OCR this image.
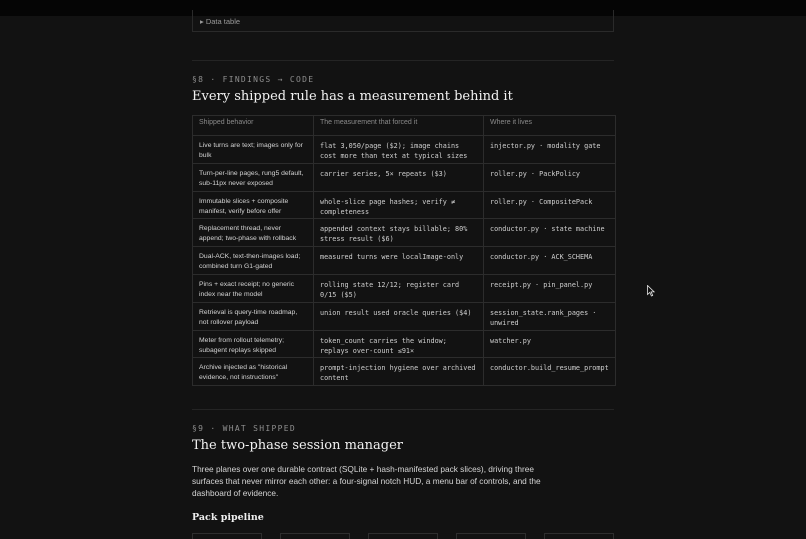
▸ Data table
§8 · FINDINGS → CODE
Every shipped rule has a measurement behind it
Shipped behavior	The measurement that forced it	Where it lives
Live turns are text; images only for bulk	flat 3,050/page ($2); image chains cost more than text at typical sizes	injector.py · modality gate
Turn-per-line pages, rung5 default, sub-11px never exposed	carrier series, 5× repeats ($3)	roller.py · PackPolicy
Immutable slices + composite manifest, verify before offer	whole-slice page hashes; verify ≠ completeness	roller.py · CompositePack
Replacement thread, never append; two-phase with rollback	appended context stays billable; 80% stress result ($6)	conductor.py · state machine
Dual-ACK, text-then-images load; combined turn G1-gated	measured turns were localImage-only	conductor.py · ACK_SCHEMA
Pins + exact receipt; no generic index near the model	rolling state 12/12; register card 0/15 ($5)	receipt.py · pin_panel.py
Retrieval is query-time roadmap, not rollover payload	union result used oracle queries ($4)	session_state.rank_pages · unwired
Meter from rollout telemetry; subagent replays skipped	token_count carries the window; replays over-count ≤91×	watcher.py
Archive injected as "historical evidence, not instructions"	prompt-injection hygiene over archived content	conductor.build_resume_prompt
§9 · WHAT SHIPPED
The two-phase session manager
Three planes over one durable contract (SQLite + hash-manifested pack slices), driving three surfaces that never mirror each other: a four-signal notch HUD, a menu bar of controls, and the dashboard of evidence.
Pack pipeline
